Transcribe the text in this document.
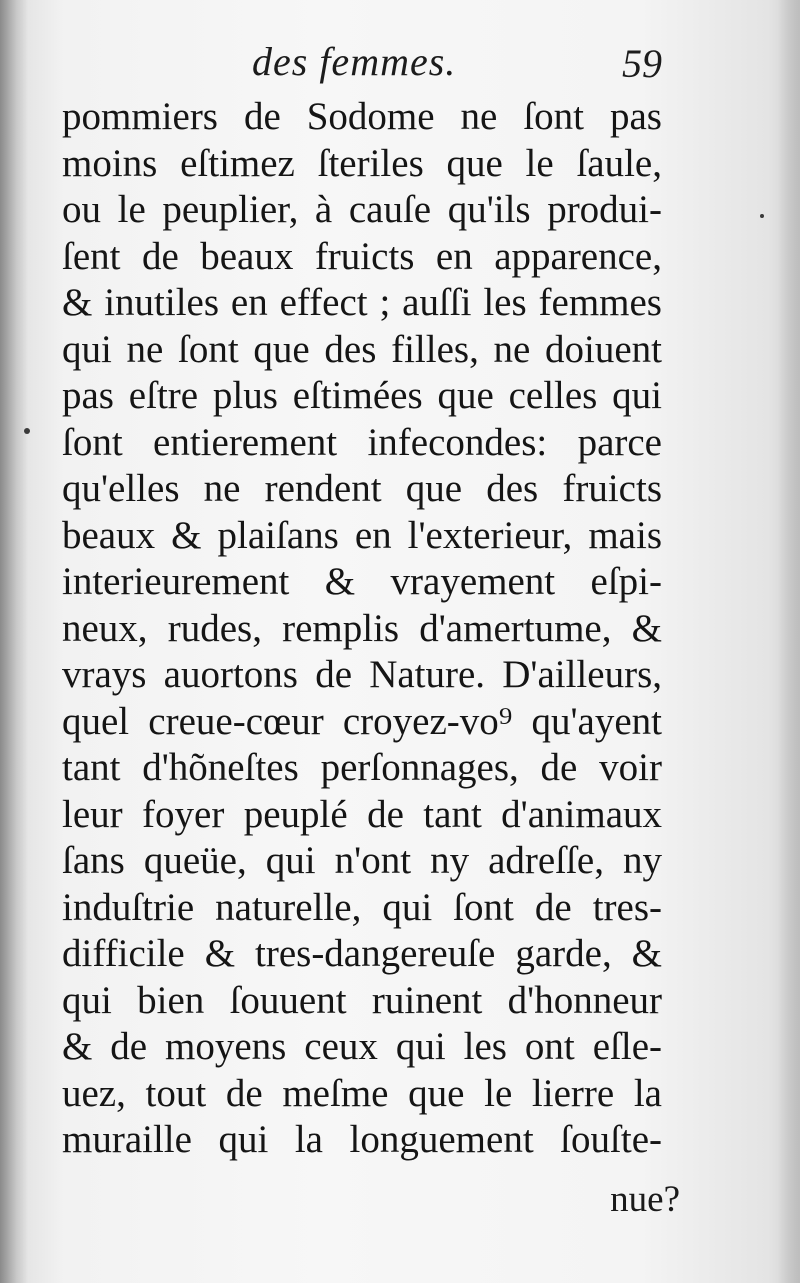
des femmes.	59
pommiers de Sodome ne ſont pas
moins eſtimez ſteriles que le ſaule,
ou le peuplier, à cauſe qu'ils produi-
ſent de beaux fruicts en apparence,
& inutiles en effect ; auſſi les femmes
qui ne ſont que des filles, ne doiuent
pas eſtre plus eſtimées que celles qui
ſont entierement infecondes: parce
qu'elles ne rendent que des fruicts
beaux & plaiſans en l'exterieur, mais
interieurement & vrayement eſpi-
neux, rudes, remplis d'amertume, &
vrays auortons de Nature. D'ailleurs,
quel creue-cœur croyez-vo⁹ qu'ayent
tant d'hõneſtes perſonnages, de voir
leur foyer peuplé de tant d'animaux
ſans queüe, qui n'ont ny adreſſe, ny
induſtrie naturelle, qui ſont de tres-
difficile & tres-dangereuſe garde, &
qui bien ſouuent ruinent d'honneur
& de moyens ceux qui les ont eſle-
uez, tout de meſme que le lierre la
muraille qui la longuement ſouſte-
nue?
